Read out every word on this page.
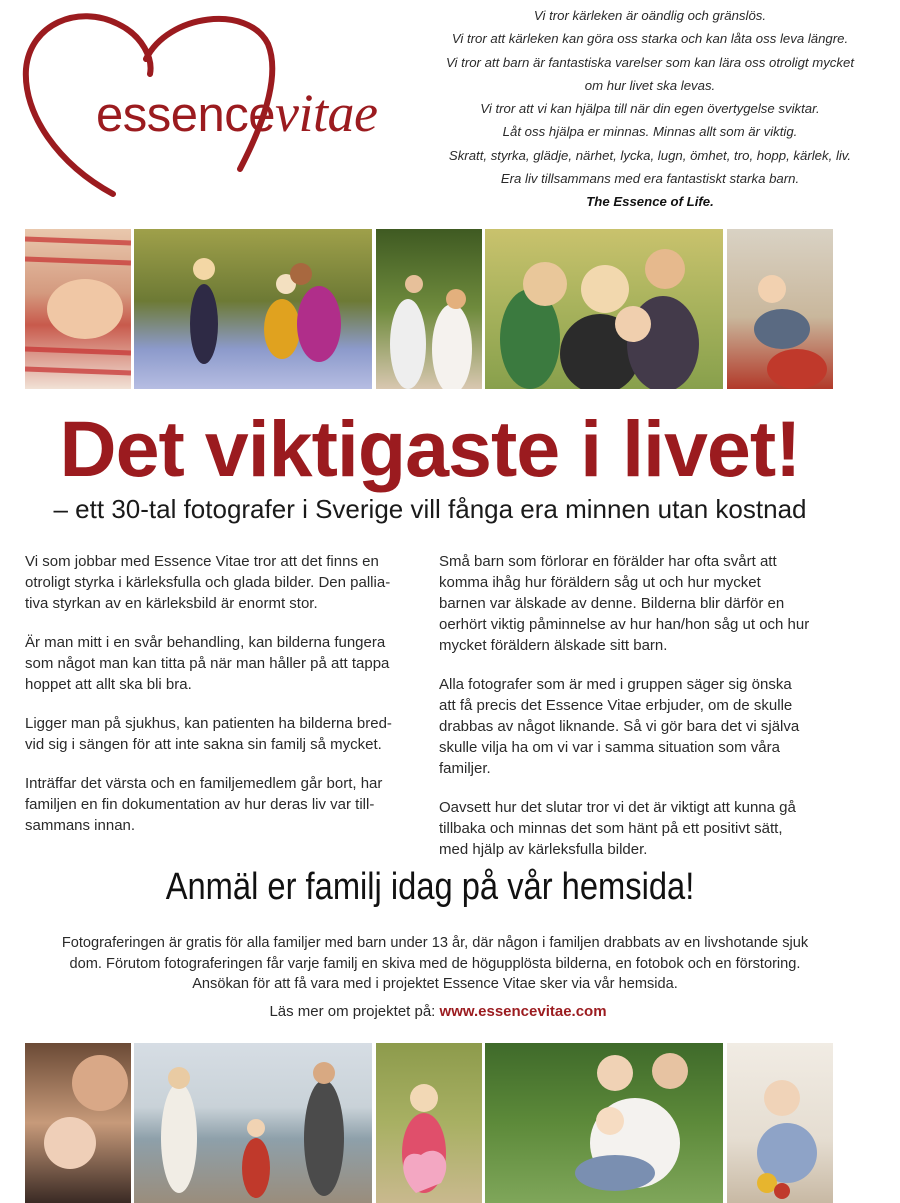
essencevitae
Vi tror kärleken är oändlig och gränslös.
Vi tror att kärleken kan göra oss starka och kan låta oss leva längre.
Vi tror att barn är fantastiska varelser som kan lära oss otroligt mycket
om hur livet ska levas.
Vi tror att vi kan hjälpa till när din egen övertygelse sviktar.
Låt oss hjälpa er minnas. Minnas allt som är viktig.
Skratt, styrka, glädje, närhet, lycka, lugn, ömhet, tro, hopp, kärlek, liv.
Era liv tillsammans med era fantastiskt starka barn.
The Essence of Life.
Det viktigaste i livet!
– ett 30-tal fotografer i Sverige vill fånga era minnen utan kostnad

Vi som jobbar med Essence Vitae tror att det finns en otroligt styrka i kärleksfulla och glada bilder. Den palliativa styrkan av en kärleksbild är enormt stor.

Är man mitt i en svår behandling, kan bilderna fungera som något man kan titta på när man håller på att tappa hoppet att allt ska bli bra.

Ligger man på sjukhus, kan patienten ha bilderna bredvid sig i sängen för att inte sakna sin familj så mycket.

Inträffar det värsta och en familjemedlem går bort, har familjen en fin dokumentation av hur deras liv var tillsammans innan.

Små barn som förlorar en förälder har ofta svårt att komma ihåg hur föräldern såg ut och hur mycket barnen var älskade av denne. Bilderna blir därför en oerhört viktig påminnelse av hur han/hon såg ut och hur mycket föräldern älskade sitt barn.

Alla fotografer som är med i gruppen säger sig önska att få precis det Essence Vitae erbjuder, om de skulle drabbas av något liknande. Så vi gör bara det vi själva skulle vilja ha om vi var i samma situation som våra familjer.

Oavsett hur det slutar tror vi det är viktigt att kunna gå tillbaka och minnas det som hänt på ett positivt sätt, med hjälp av kärleksfulla bilder.

Anmäl er familj idag på vår hemsida!

Fotograferingen är gratis för alla familjer med barn under 13 år, där någon i familjen drabbats av en livshotande sjuk

dom. Förutom fotograferingen får varje familj en skiva med de högupplösta bilderna, en fotobok och en förstoring.

Ansökan för att få vara med i projektet Essence Vitae sker via vår hemsida.

Läs mer om projektet på: www.essencevitae.com
